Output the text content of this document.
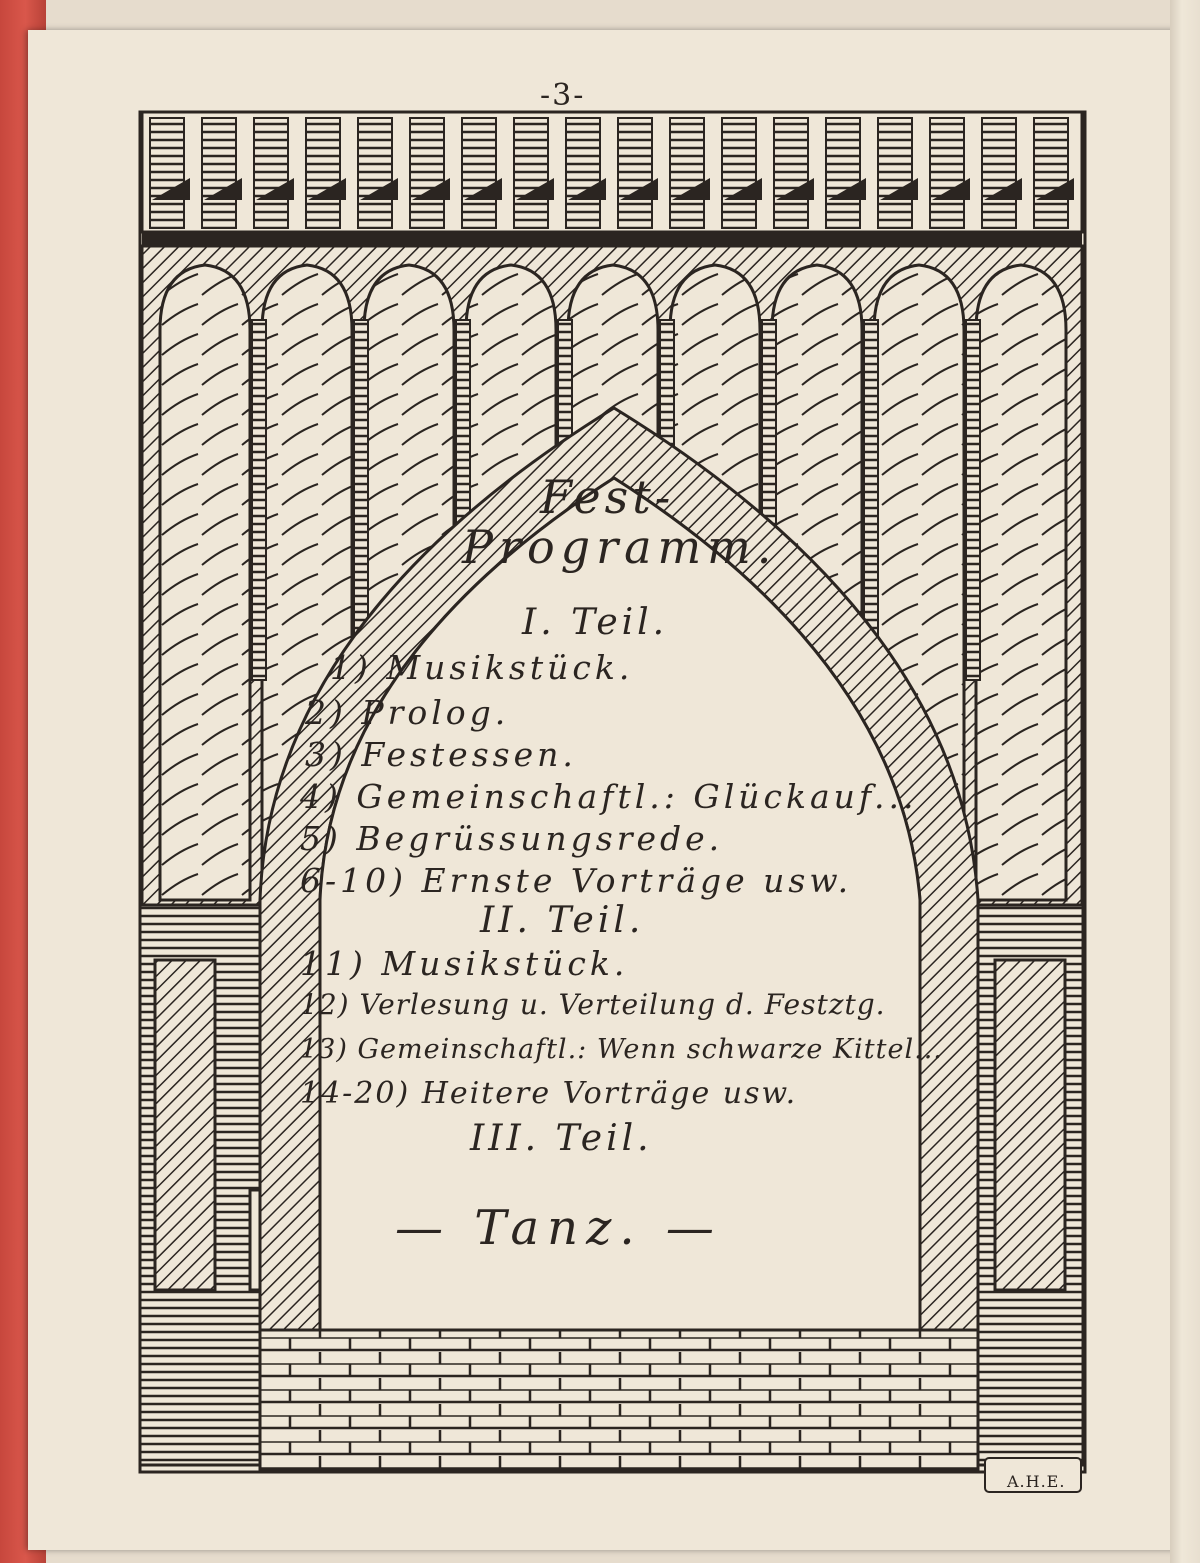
-3-
Fest-
Programm.
I. Teil.
1) Musikstück.
2) Prolog.
3) Festessen.
4) Gemeinschaftl.: Glückauf...
5) Begrüssungsrede.
6-10) Ernste Vorträge usw.
II. Teil.
11) Musikstück.
12) Verlesung u. Verteilung d. Festztg.
13) Gemeinschaftl.: Wenn schwarze Kittel...
14-20) Heitere Vorträge usw.
III. Teil.
— Tanz. —
A.H.E.
